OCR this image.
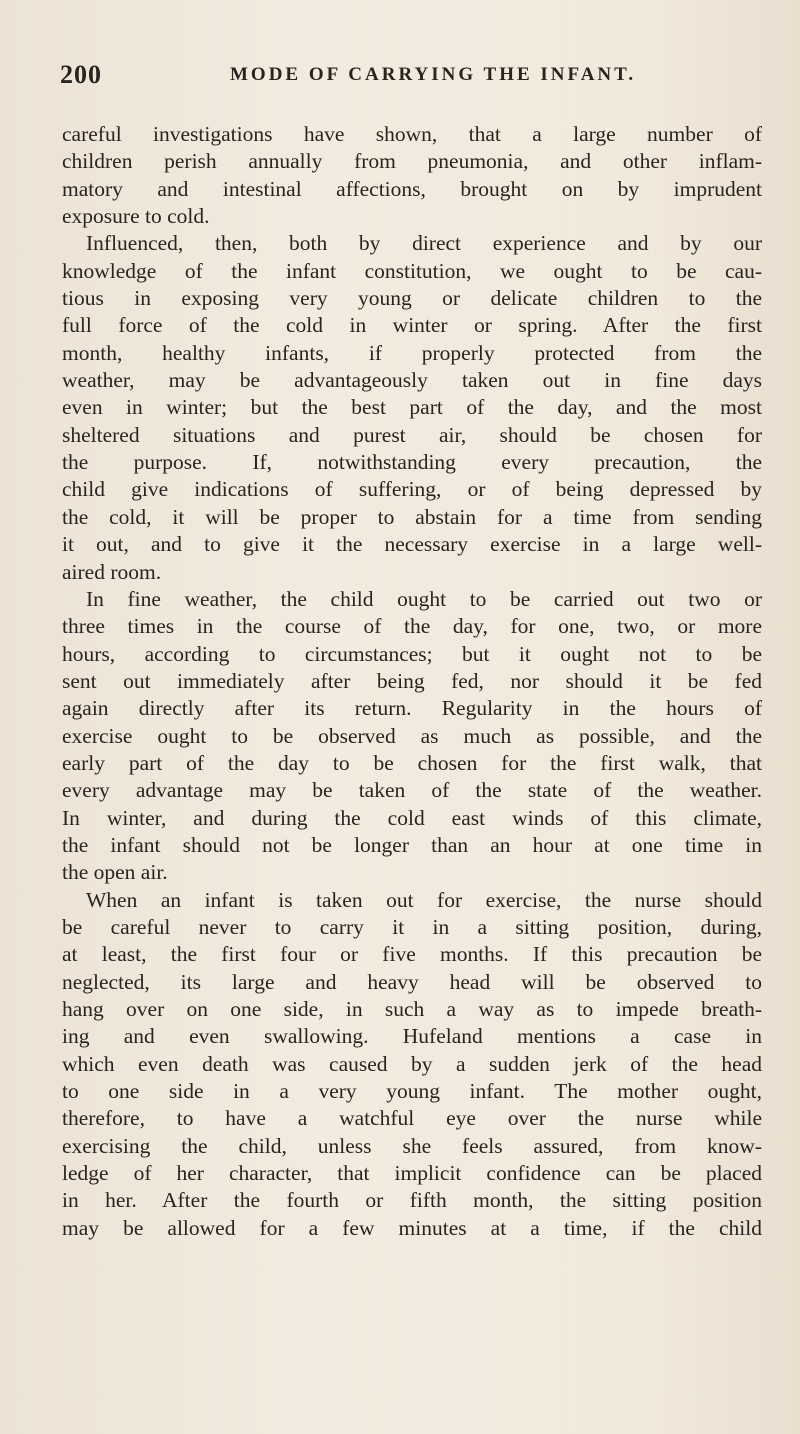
200	MODE OF CARRYING THE INFANT.
careful investigations have shown, that a large number of
children perish annually from pneumonia, and other inflam-
matory and intestinal affections, brought on by imprudent
exposure to cold.
Influenced, then, both by direct experience and by our
knowledge of the infant constitution, we ought to be cau-
tious in exposing very young or delicate children to the
full force of the cold in winter or spring. After the first
month, healthy infants, if properly protected from the
weather, may be advantageously taken out in fine days
even in winter; but the best part of the day, and the most
sheltered situations and purest air, should be chosen for
the purpose. If, notwithstanding every precaution, the
child give indications of suffering, or of being depressed by
the cold, it will be proper to abstain for a time from sending
it out, and to give it the necessary exercise in a large well-
aired room.
In fine weather, the child ought to be carried out two or
three times in the course of the day, for one, two, or more
hours, according to circumstances; but it ought not to be
sent out immediately after being fed, nor should it be fed
again directly after its return. Regularity in the hours of
exercise ought to be observed as much as possible, and the
early part of the day to be chosen for the first walk, that
every advantage may be taken of the state of the weather.
In winter, and during the cold east winds of this climate,
the infant should not be longer than an hour at one time in
the open air.
When an infant is taken out for exercise, the nurse should
be careful never to carry it in a sitting position, during,
at least, the first four or five months. If this precaution be
neglected, its large and heavy head will be observed to
hang over on one side, in such a way as to impede breath-
ing and even swallowing. Hufeland mentions a case in
which even death was caused by a sudden jerk of the head
to one side in a very young infant. The mother ought,
therefore, to have a watchful eye over the nurse while
exercising the child, unless she feels assured, from know-
ledge of her character, that implicit confidence can be placed
in her. After the fourth or fifth month, the sitting position
may be allowed for a few minutes at a time, if the child
